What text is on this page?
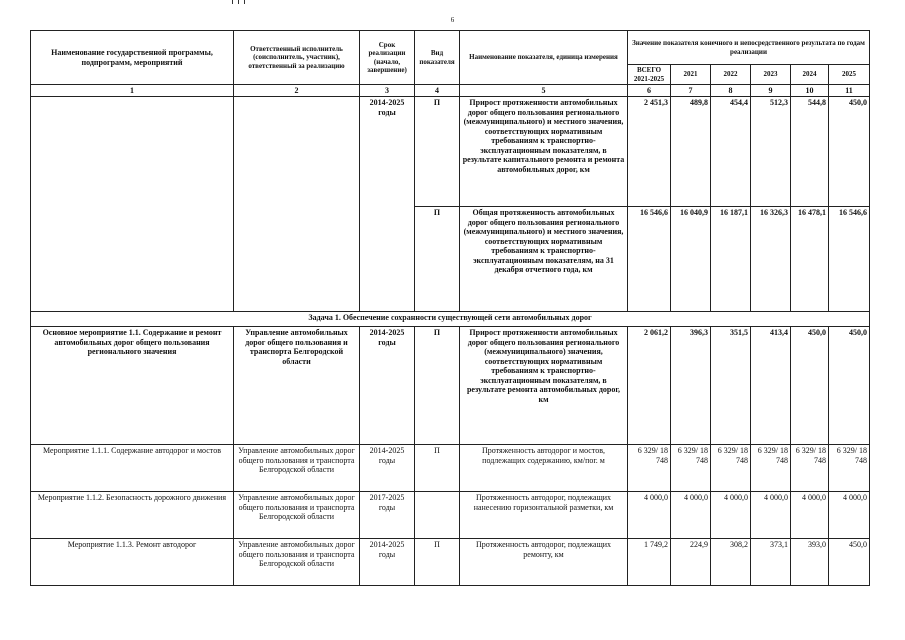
6
Наименование государственной программы, подпрограмм, мероприятий	Ответственный исполнитель (соисполнитель, участник), ответственный за реализацию	Срок реализации (начало, завершение)	Вид показателя	Наименование показателя, единица измерения	Значение показателя конечного и непосредственного результата по годам реализации					
					ВСЕГО 2021-2025	2021	2022	2023	2024	2025
1	2	3	4	5	6	7	8	9	10	11
		2014-2025 годы	П	Прирост протяженности автомобильных дорог общего пользования регионального (межмуниципального) и местного значения, соответствующих нормативным требованиям к транспортно-эксплуатационным показателям, в результате капитального ремонта и ремонта автомобильных дорог, км	2 451,3	489,8	454,4	512,3	544,8	450,0
			П	Общая протяженность автомобильных дорог общего пользования регионального (межмуниципального) и местного значения, соответствующих нормативным требованиям к транспортно-эксплуатационным показателям, на 31 декабря отчетного года, км	16 546,6	16 040,9	16 187,1	16 326,3	16 478,1	16 546,6
Задача 1. Обеспечение сохранности существующей сети автомобильных дорог										
Основное мероприятие 1.1. Содержание и ремонт автомобильных дорог общего пользования регионального значения	Управление автомобильных дорог общего пользования и транспорта Белгородской области	2014-2025 годы	П	Прирост протяженности автомобильных дорог общего пользования регионального (межмуниципального) значения, соответствующих нормативным требованиям к транспортно-эксплуатационным показателям, в результате ремонта автомобильных дорог, км	2 061,2	396,3	351,5	413,4	450,0	450,0
Мероприятие 1.1.1. Содержание автодорог и мостов	Управление автомобильных дорог общего пользования и транспорта Белгородской области	2014-2025 годы	П	Протяженность автодорог и мостов, подлежащих содержанию, км/пог. м	6 329/ 18 748	6 329/ 18 748	6 329/ 18 748	6 329/ 18 748	6 329/ 18 748	6 329/ 18 748
Мероприятие 1.1.2. Безопасность дорожного движения	Управление автомобильных дорог общего пользования и транспорта Белгородской области	2017-2025 годы		Протяженность автодорог, подлежащих нанесению горизонтальной разметки, км	4 000,0	4 000,0	4 000,0	4 000,0	4 000,0	4 000,0
Мероприятие 1.1.3. Ремонт автодорог	Управление автомобильных дорог общего пользования и транспорта Белгородской области	2014-2025 годы	П	Протяженность автодорог, подлежащих ремонту, км	1 749,2	224,9	308,2	373,1	393,0	450,0
